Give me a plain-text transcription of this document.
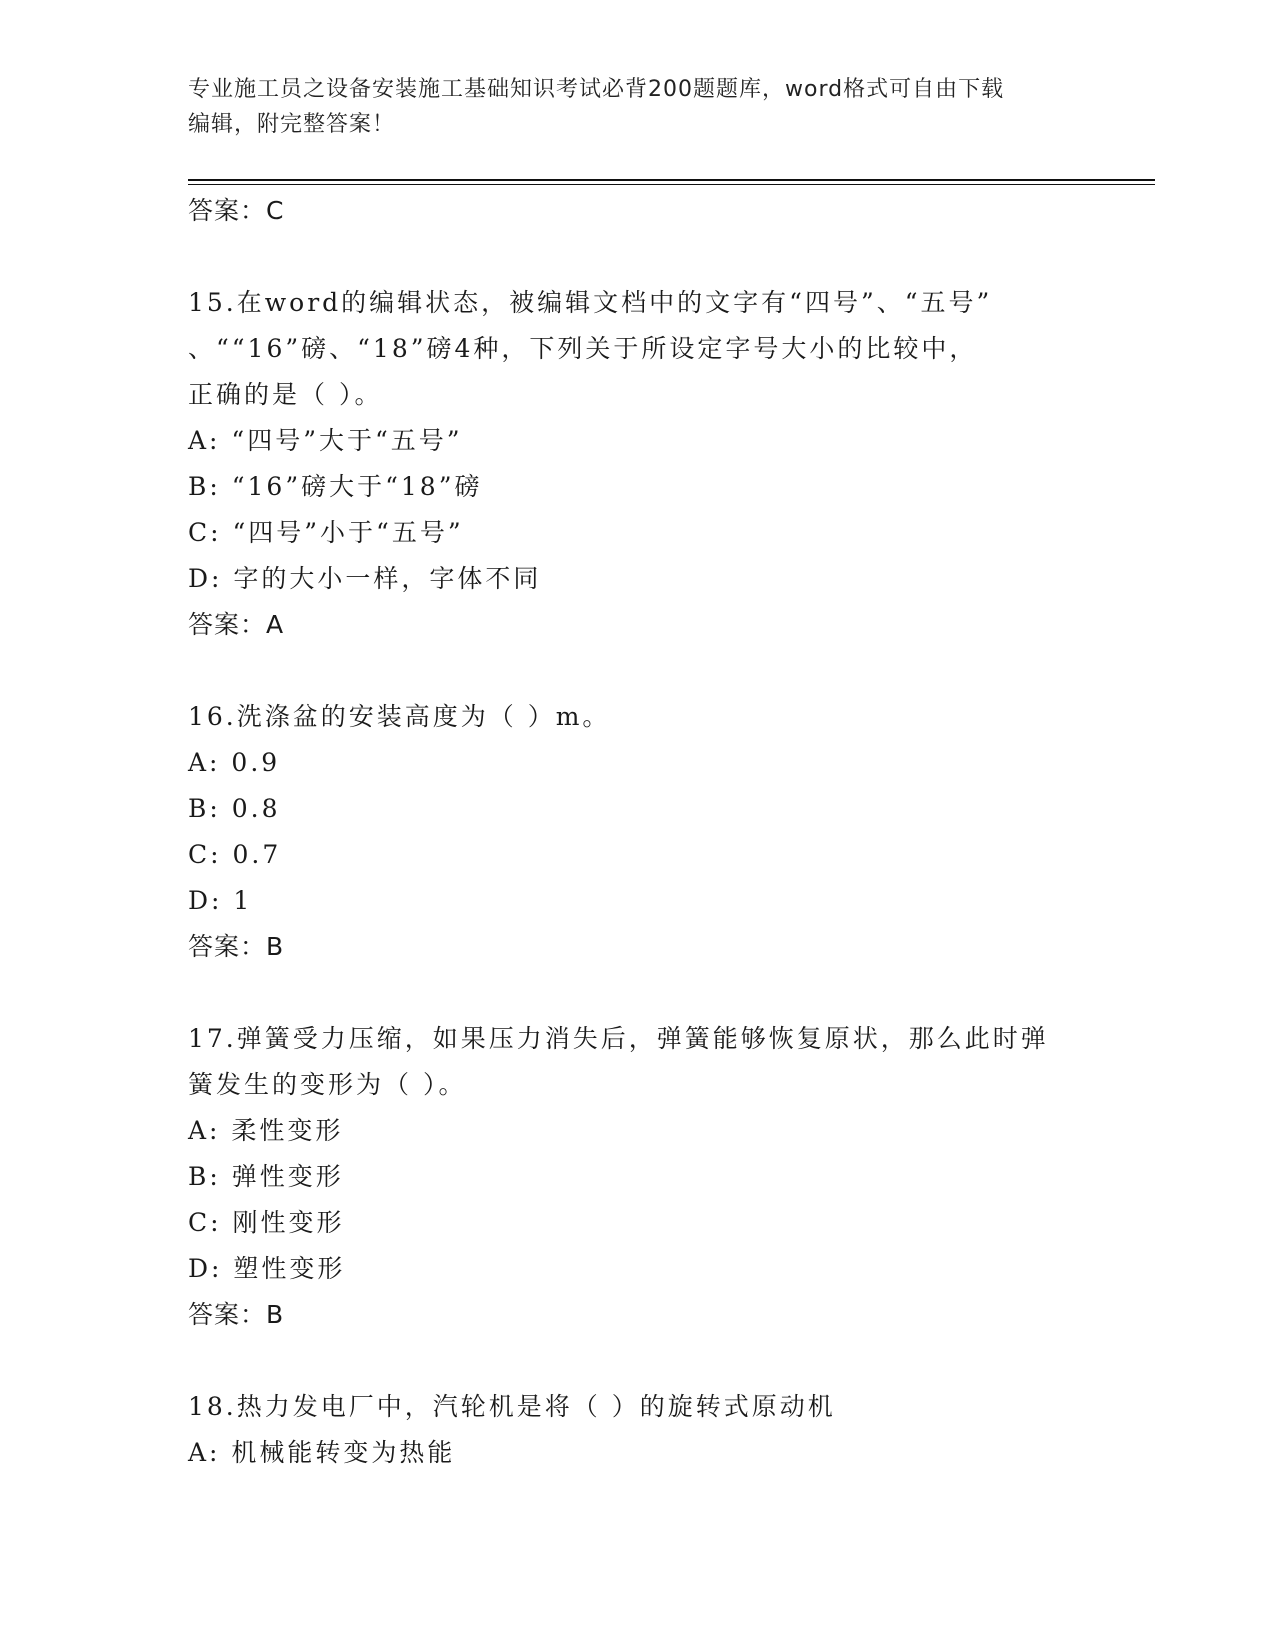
专业施工员之设备安装施工基础知识考试必背200题题库，word格式可自由下载
编辑，附完整答案！
答案：C
15.在word的编辑状态，被编辑文档中的文字有“四号”、“五号”
、““16”磅、“18”磅4种，下列关于所设定字号大小的比较中，
正确的是（ ）。
A: “四号”大于“五号”
B: “16”磅大于“18”磅
C: “四号”小于“五号”
D: 字的大小一样，字体不同
答案：A
16.洗涤盆的安装高度为（ ）m。
A: 0.9
B: 0.8
C: 0.7
D: 1
答案：B
17.弹簧受力压缩，如果压力消失后，弹簧能够恢复原状，那么此时弹
簧发生的变形为（ ）。
A: 柔性变形
B: 弹性变形
C: 刚性变形
D: 塑性变形
答案：B
18.热力发电厂中，汽轮机是将（ ）的旋转式原动机
A: 机械能转变为热能
